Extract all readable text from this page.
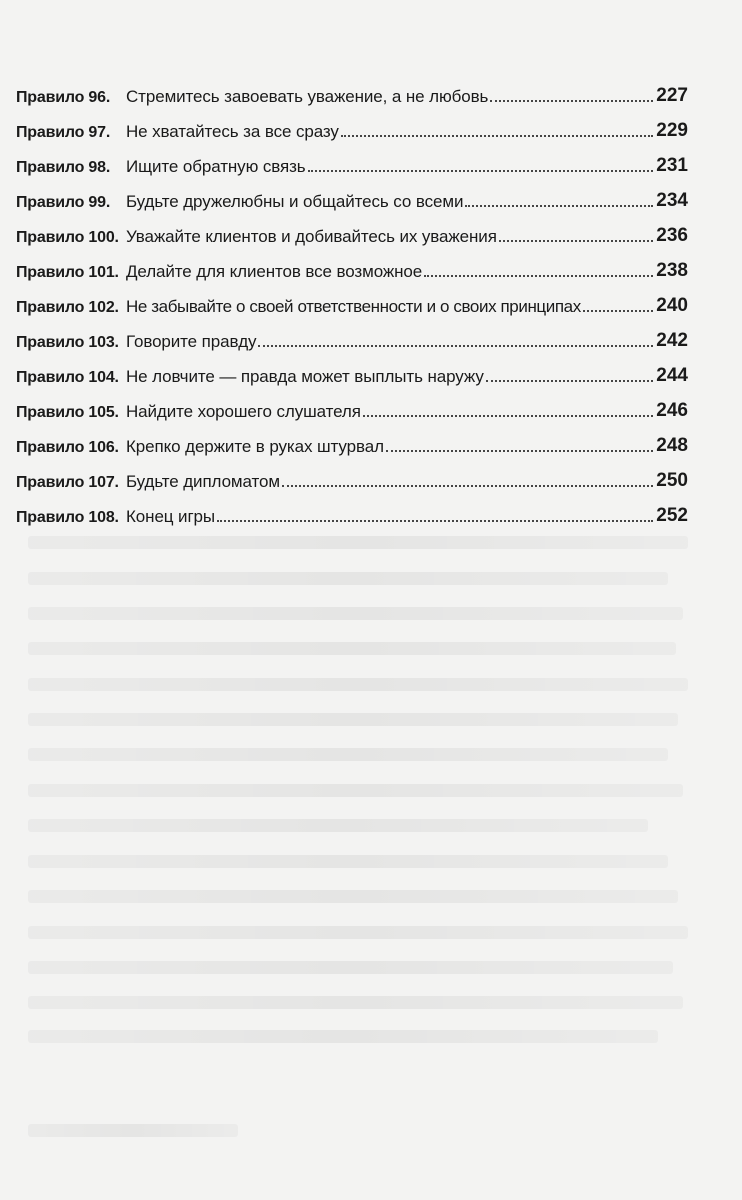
Правило 96. Стремитесь завоевать уважение, а не любовь	227
Правило 97. Не хватайтесь за все сразу	229
Правило 98. Ищите обратную связь	231
Правило 99. Будьте дружелюбны и общайтесь со всеми	234
Правило 100. Уважайте клиентов и добивайтесь их уважения	236
Правило 101. Делайте для клиентов все возможное	238
Правило 102. Не забывайте о своей ответственности и о своих принципах	240
Правило 103. Говорите правду	242
Правило 104. Не ловчите — правда может выплыть наружу	244
Правило 105. Найдите хорошего слушателя	246
Правило 106. Крепко держите в руках штурвал	248
Правило 107. Будьте дипломатом	250
Правило 108. Конец игры	252
